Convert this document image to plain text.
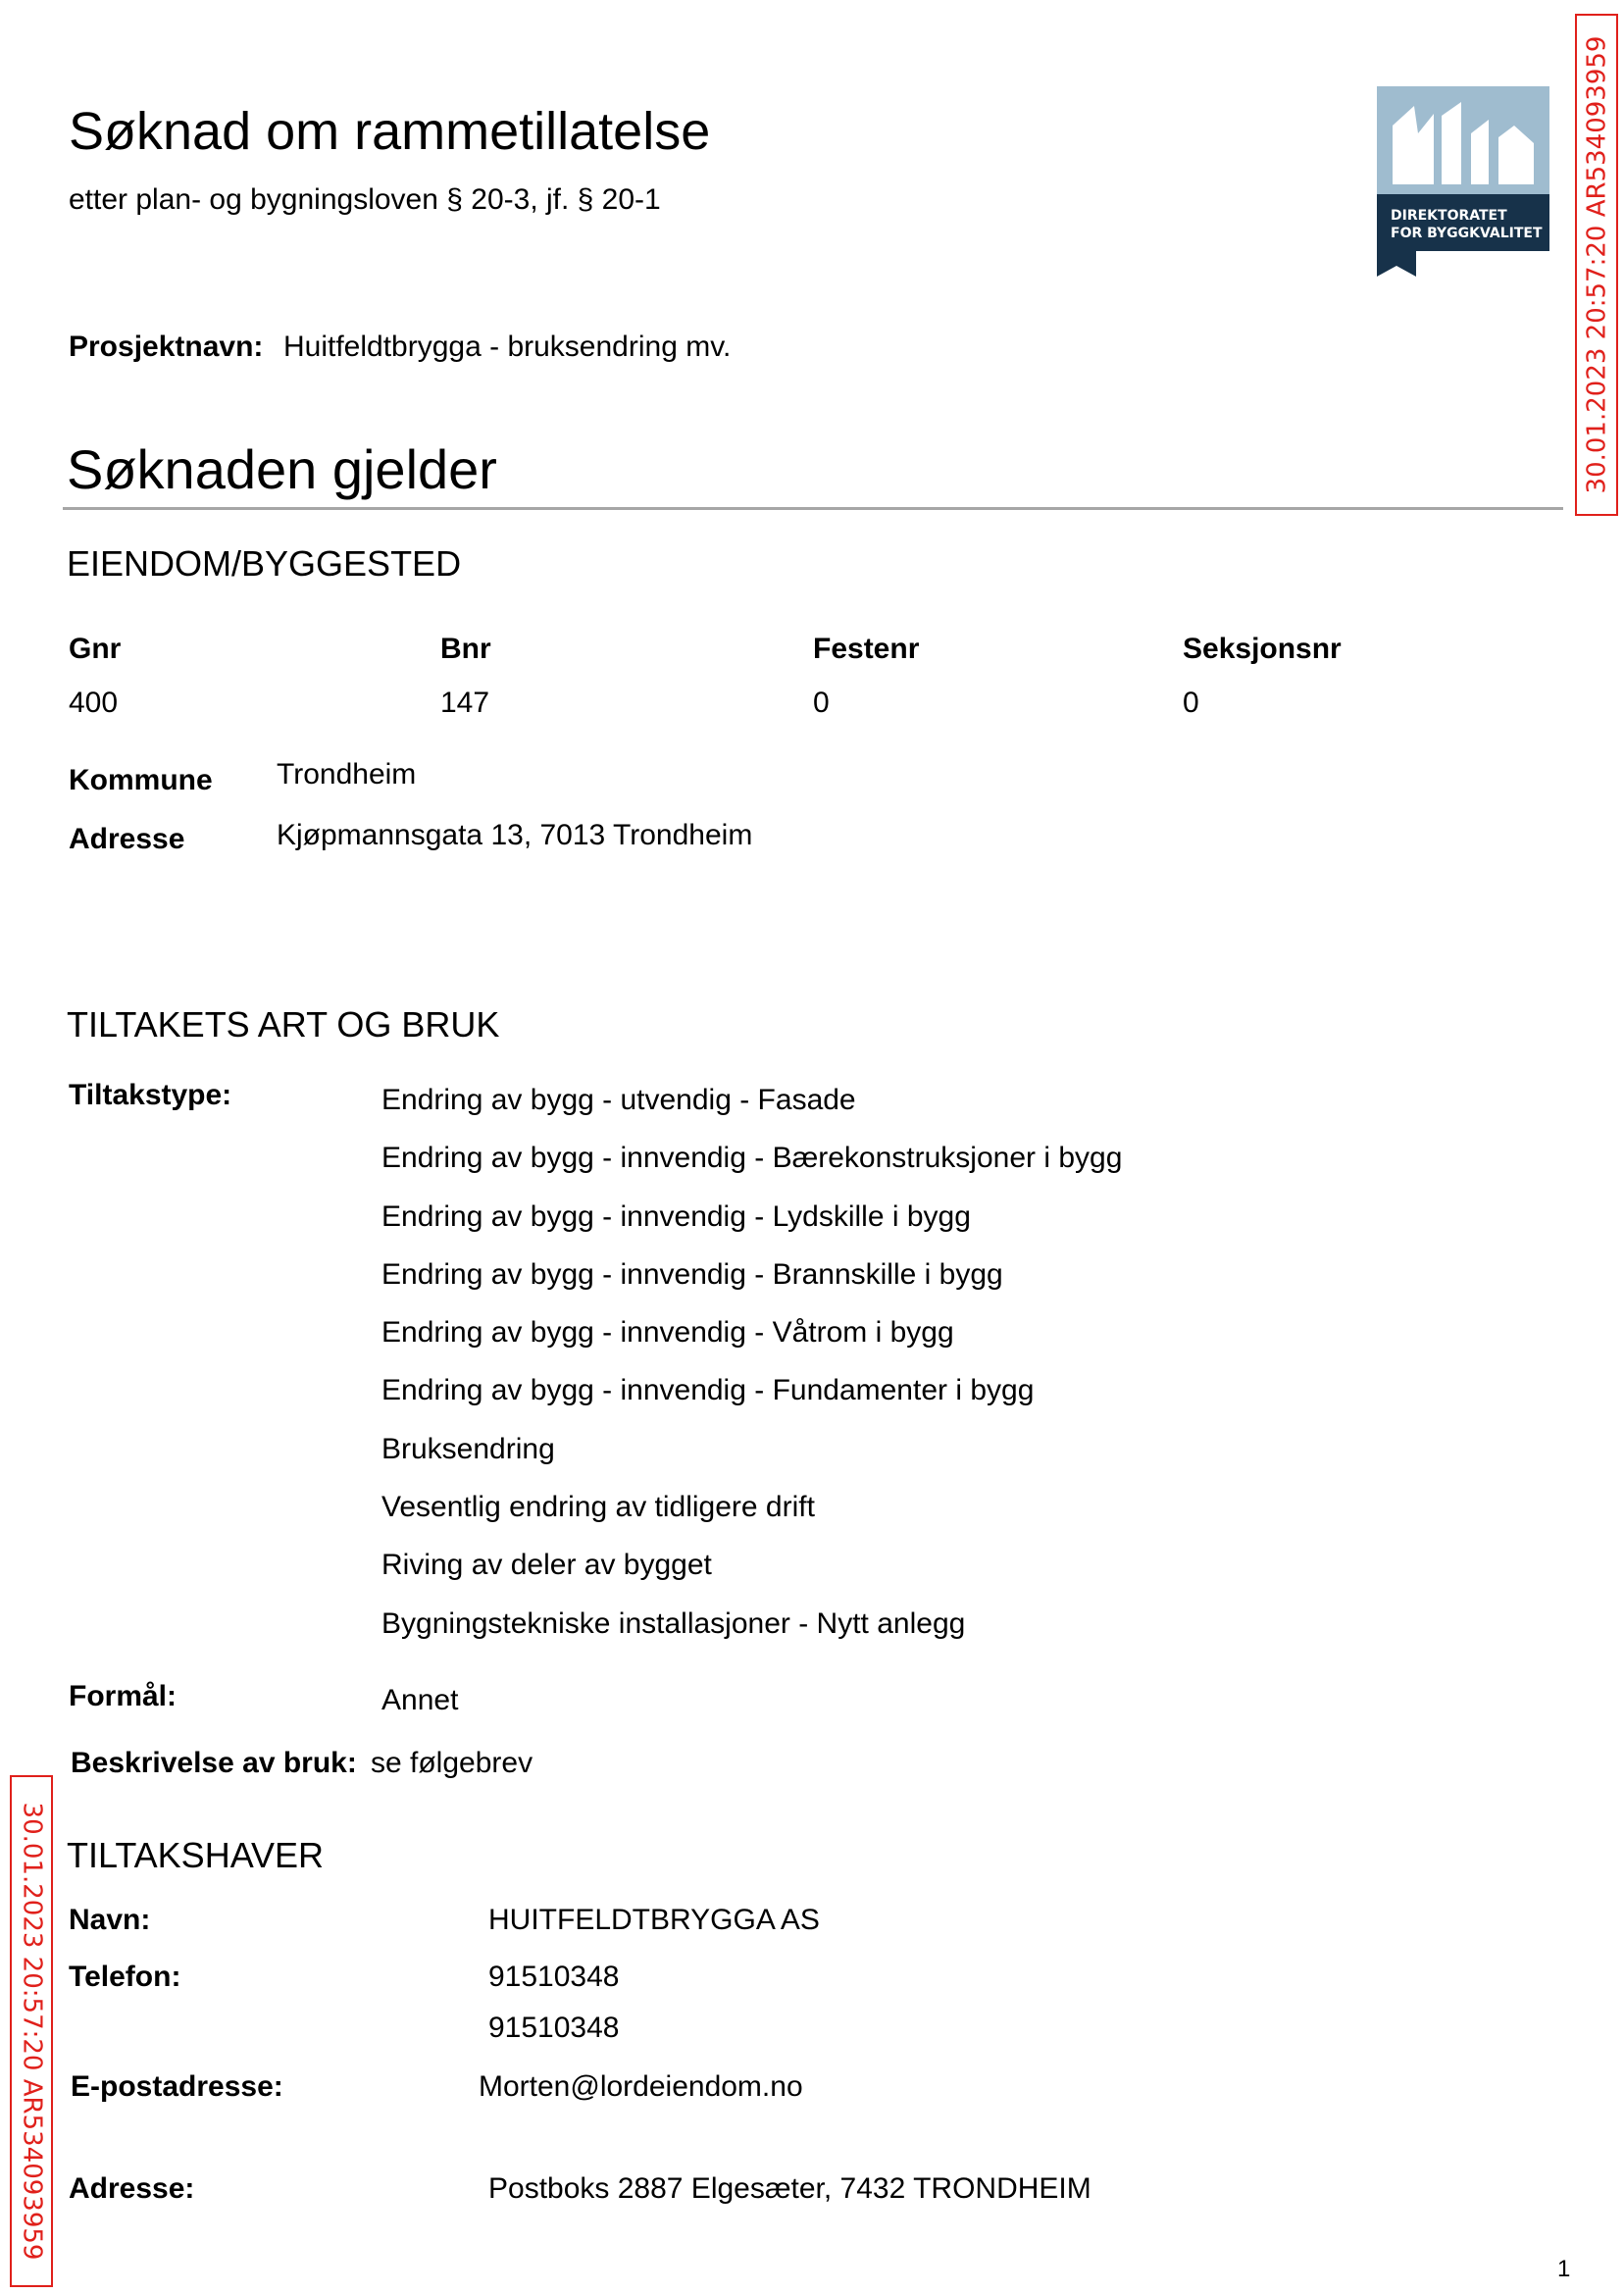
Søknad om rammetillatelse
etter plan- og bygningsloven § 20-3, jf. § 20-1	DIREKTORATET
FOR BYGGKVALITET 30.01.2023 20:57:20 AR534093959
Prosjektnavn: Huitfeldtbrygga - bruksendring mv.
Søknaden gjelder
EIENDOM/BYGGESTED
Gnr	Bnr	Festenr	Seksjonsnr
400	147	0	0
Kommune Trondheim
Adresse	Kjøpmannsgata 13, 7013 Trondheim
TILTAKETS ART OG BRUK
Tiltakstype:	Endring av bygg - utvendig - Fasade
Endring av bygg - innvendig - Bærekonstruksjoner i bygg
Endring av bygg - innvendig - Lydskille i bygg
Endring av bygg - innvendig - Brannskille i bygg
Endring av bygg - innvendig - Våtrom i bygg
Endring av bygg - innvendig - Fundamenter i bygg
Bruksendring
Vesentlig endring av tidligere drift
Riving av deler av bygget
Bygningstekniske installasjoner - Nytt anlegg
Formål:	Annet
Beskrivelse av bruk: se følgebrev
30.01.2023 20:57:20 AR534093959 TILTAKSHAVER
Navn:	HUITFELDTBRYGGA AS
Telefon:	91510348
91510348
E-postadresse:	Morten@lordeiendom.no
Adresse:	Postboks 2887 Elgesæter, 7432 TRONDHEIM
1
